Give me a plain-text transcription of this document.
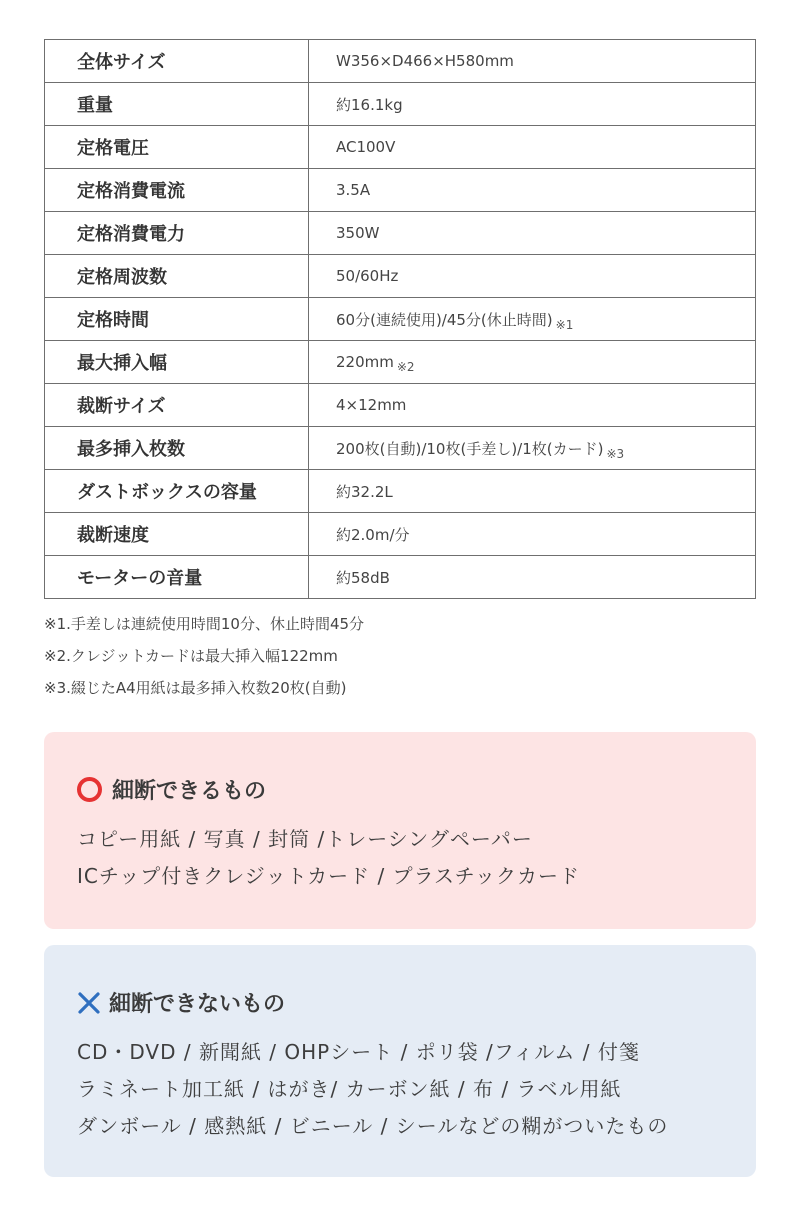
全体サイズ	W356×D466×H580mm
重量	約16.1kg
定格電圧	AC100V
定格消費電流	3.5A
定格消費電力	350W
定格周波数	50/60Hz
定格時間	60分(連続使用)/45分(休止時間) $_{※1}$
最大挿入幅	220mm $_{※2}$
裁断サイズ	4×12mm
最多挿入枚数	200枚(自動)/10枚(手差し)/1枚(カード) $_{※3}$
ダストボックスの容量	約32.2L
裁断速度	約2.0m/分
モーターの音量	約58dB
※1.手差しは連続使用時間10分、休止時間45分
※2.クレジットカードは最大挿入幅122mm
※3.綴じたA4用紙は最多挿入枚数20枚(自動)
細断できるもの
コピー用紙 / 写真 / 封筒 /トレーシングペーパー
ICチップ付きクレジットカード / プラスチックカード
細断できないもの
CD・DVD / 新聞紙 / OHPシート / ポリ袋 /フィルム / 付箋
ラミネート加工紙 / はがき/ カーボン紙 / 布 / ラベル用紙
ダンボール / 感熱紙 / ビニール / シールなどの糊がついたもの
